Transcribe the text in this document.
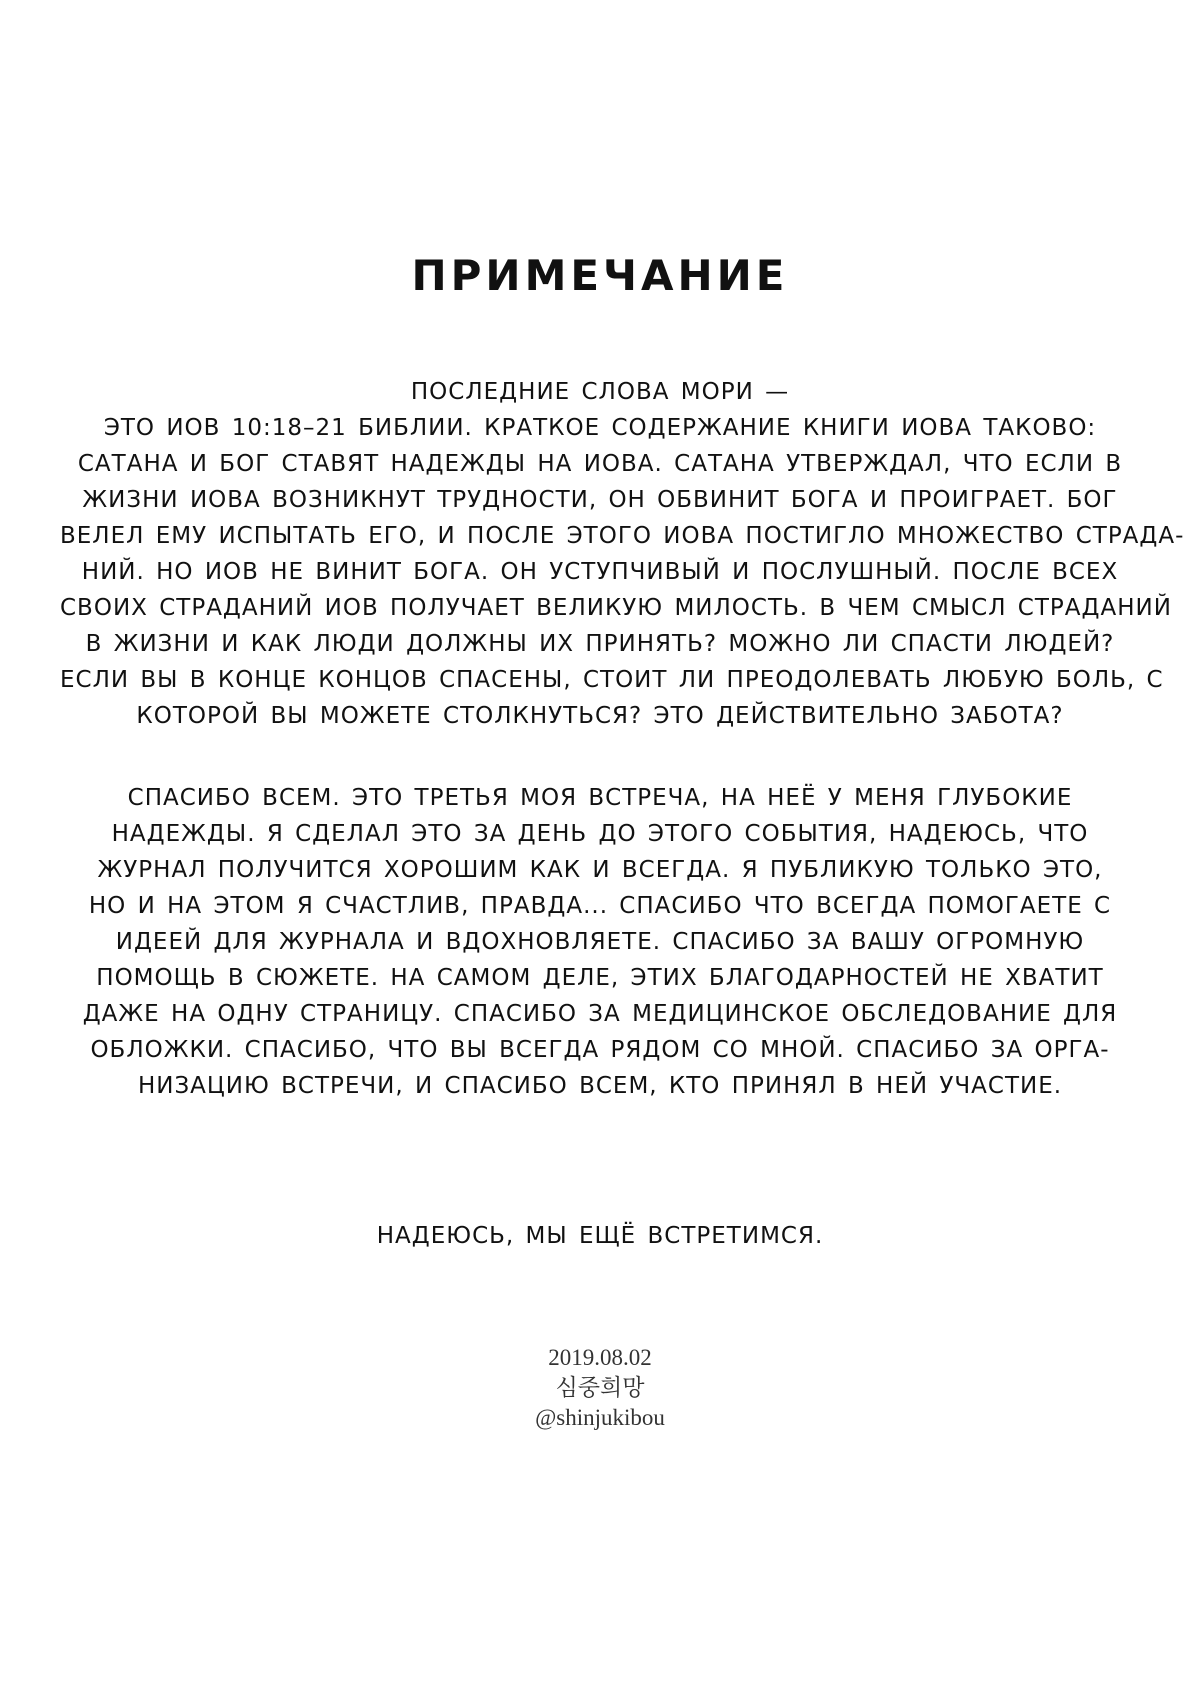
ПРИМЕЧАНИЕ
ПОСЛЕДНИЕ СЛОВА МОРИ —
ЭТО ИОВ 10:18–21 БИБЛИИ. КРАТКОЕ СОДЕРЖАНИЕ КНИГИ ИОВА ТАКОВО:
САТАНА И БОГ СТАВЯТ НАДЕЖДЫ НА ИОВА. САТАНА УТВЕРЖДАЛ, ЧТО ЕСЛИ В
ЖИЗНИ ИОВА ВОЗНИКНУТ ТРУДНОСТИ, ОН ОБВИНИТ БОГА И ПРОИГРАЕТ. БОГ
ВЕЛЕЛ ЕМУ ИСПЫТАТЬ ЕГО, И ПОСЛЕ ЭТОГО ИОВА ПОСТИГЛО МНОЖЕСТВО СТРАДА-
НИЙ. НО ИОВ НЕ ВИНИТ БОГА. ОН УСТУПЧИВЫЙ И ПОСЛУШНЫЙ. ПОСЛЕ ВСЕХ
СВОИХ СТРАДАНИЙ ИОВ ПОЛУЧАЕТ ВЕЛИКУЮ МИЛОСТЬ. В ЧЕМ СМЫСЛ СТРАДАНИЙ
В ЖИЗНИ И КАК ЛЮДИ ДОЛЖНЫ ИХ ПРИНЯТЬ? МОЖНО ЛИ СПАСТИ ЛЮДЕЙ?
ЕСЛИ ВЫ В КОНЦЕ КОНЦОВ СПАСЕНЫ, СТОИТ ЛИ ПРЕОДОЛЕВАТЬ ЛЮБУЮ БОЛЬ, С
КОТОРОЙ ВЫ МОЖЕТЕ СТОЛКНУТЬСЯ? ЭТО ДЕЙСТВИТЕЛЬНО ЗАБОТА?
СПАСИБО ВСЕМ. ЭТО ТРЕТЬЯ МОЯ ВСТРЕЧА, НА НЕЁ У МЕНЯ ГЛУБОКИЕ
НАДЕЖДЫ. Я СДЕЛАЛ ЭТО ЗА ДЕНЬ ДО ЭТОГО СОБЫТИЯ, НАДЕЮСЬ, ЧТО
ЖУРНАЛ ПОЛУЧИТСЯ ХОРОШИМ КАК И ВСЕГДА. Я ПУБЛИКУЮ ТОЛЬКО ЭТО,
НО И НА ЭТОМ Я СЧАСТЛИВ, ПРАВДА... СПАСИБО ЧТО ВСЕГДА ПОМОГАЕТЕ С
ИДЕЕЙ ДЛЯ ЖУРНАЛА И ВДОХНОВЛЯЕТЕ. СПАСИБО ЗА ВАШУ ОГРОМНУЮ
ПОМОЩЬ В СЮЖЕТЕ. НА САМОМ ДЕЛЕ, ЭТИХ БЛАГОДАРНОСТЕЙ НЕ ХВАТИТ
ДАЖЕ НА ОДНУ СТРАНИЦУ. СПАСИБО ЗА МЕДИЦИНСКОЕ ОБСЛЕДОВАНИЕ ДЛЯ
ОБЛОЖКИ. СПАСИБО, ЧТО ВЫ ВСЕГДА РЯДОМ СО МНОЙ. СПАСИБО ЗА ОРГА-
НИЗАЦИЮ ВСТРЕЧИ, И СПАСИБО ВСЕМ, КТО ПРИНЯЛ В НЕЙ УЧАСТИЕ.
НАДЕЮСЬ, МЫ ЕЩЁ ВСТРЕТИМСЯ.
2019.08.02
심중희망
@shinjukibou
